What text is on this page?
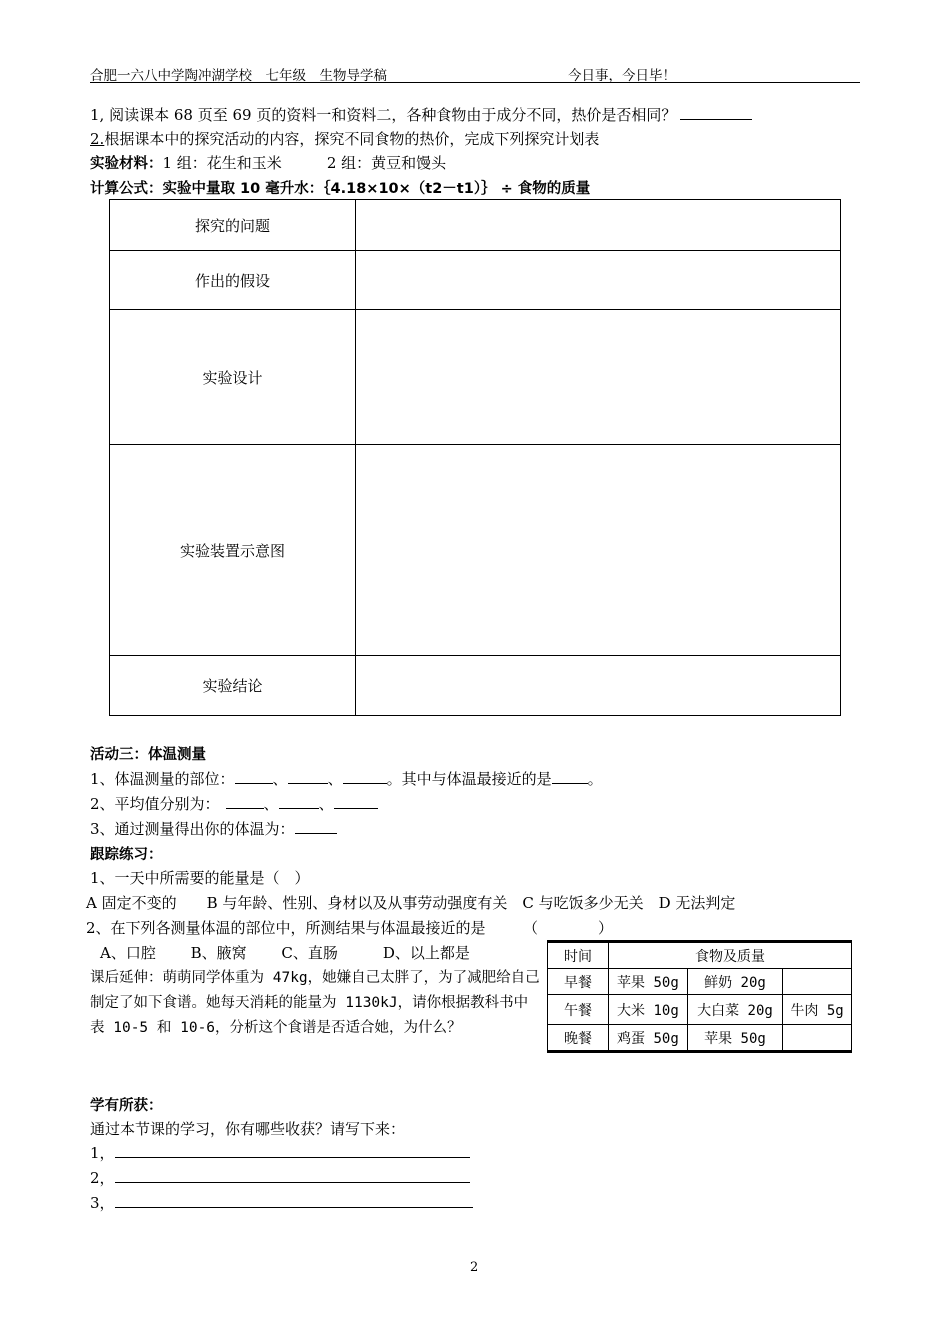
合肥一六八中学陶冲湖学校　七年级　生物导学稿	今日事，今日毕！
1, 阅读课本 68 页至 69 页的资料一和资料二，各种食物由于成分不同，热价是否相同？
2.根据课本中的探究活动的内容，探究不同食物的热价，完成下列探究计划表
实验材料：1 组：花生和玉米　　　2 组：黄豆和馒头
计算公式：实验中量取 10 毫升水：｛4.18×10×（t2－t1）｝ ÷ 食物的质量
探究的问题	
作出的假设	
实验设计	
实验装置示意图	
实验结论	
活动三：体温测量
1、体温测量的部位：	、	、	。其中与体温最接近的是 。
2、平均值分别为：	、	、
3、通过测量得出你的体温为：
跟踪练习：
1、一天中所需要的能量是（　）
A 固定不变的　　B 与年龄、性别、身材以及从事劳动强度有关　C 与吃饭多少无关　D 无法判定
2、在下列各测量体温的部位中，所测结果与体温最接近的是　　　（　　　　）
A、口腔　　 B、腋窝　　 C、直肠　　　D、以上都是
课后延伸：萌萌同学体重为 47kg，她嫌自己太胖了，为了减肥给自己制定了如下食谱。她每天消耗的能量为 1130kJ，请你根据教科书中表 10-5 和 10-6，分析这个食谱是否适合她，为什么？
时间	食物及质量		
早餐	苹果 50g	鲜奶 20g	
午餐	大米 10g	大白菜 20g	牛肉 5g
晚餐	鸡蛋 50g	苹果 50g	
学有所获：
通过本节课的学习，你有哪些收获？请写下来：
1，
2，
3，
2
